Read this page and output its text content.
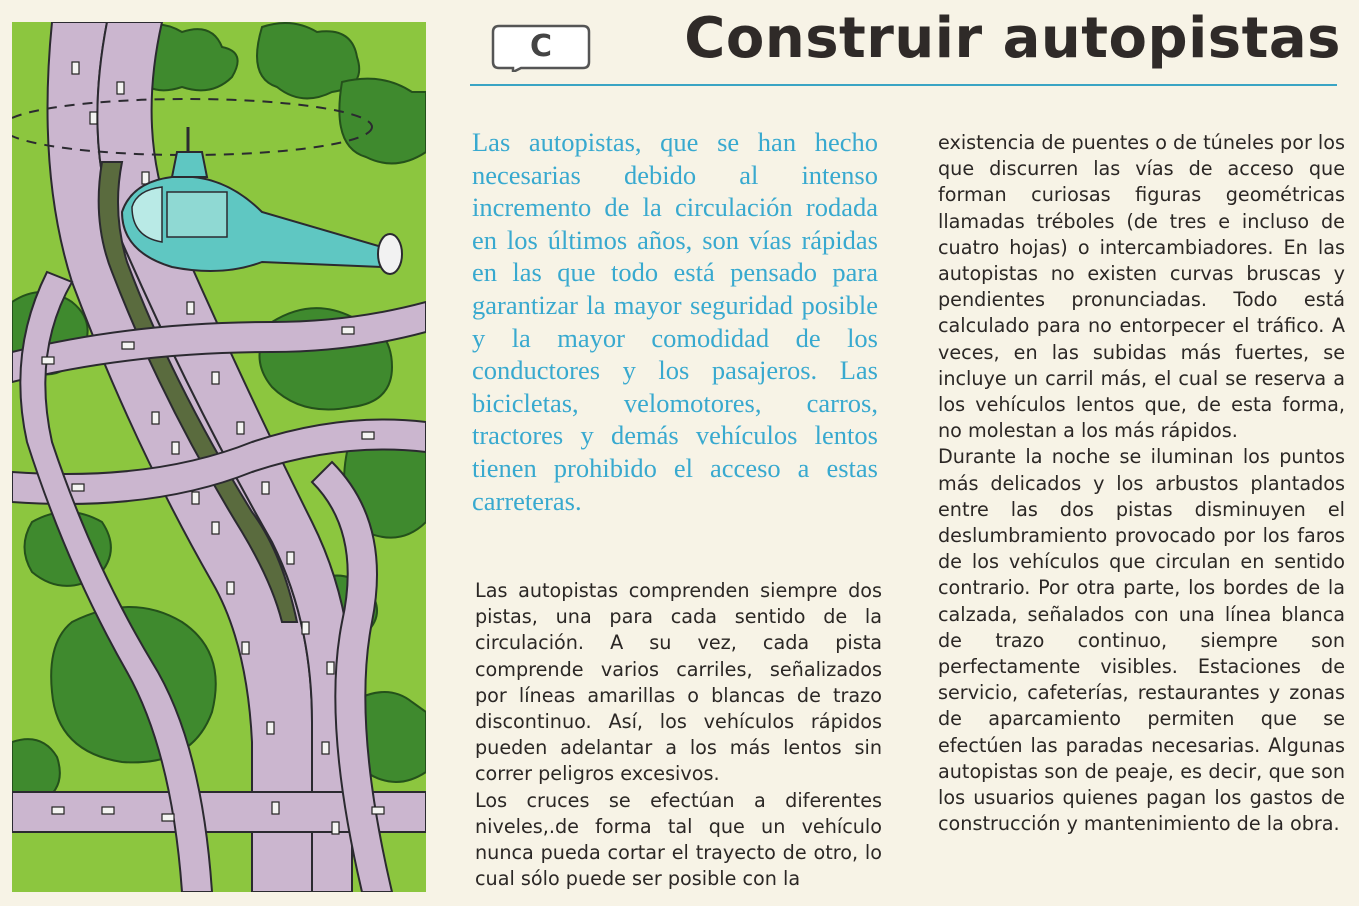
C	Construir autopistas

Las autopistas, que se han hecho necesarias debido al intenso incremento de la circulación rodada en los últimos años, son vías rápidas en las que todo está pensado para garantizar la mayor seguridad posible y la mayor comodidad de los conductores y los pasajeros. Las bicicletas, velomotores, carros, tractores y demás vehículos lentos tienen prohibido el acceso a estas carreteras.

Las autopistas comprenden siempre dos pistas, una para cada sentido de la circulación. A su vez, cada pista comprende varios carriles, señalizados por líneas amarillas o blancas de trazo discontinuo. Así, los vehículos rápidos pueden adelantar a los más lentos sin correr peligros excesivos.

Los cruces se efectúan a diferentes niveles,.de forma tal que un vehículo nunca pueda cortar el trayecto de otro, lo cual sólo puede ser posible con la

existencia de puentes o de túneles por los que discurren las vías de acceso que forman curiosas figuras geométricas llamadas tréboles (de tres e incluso de cuatro hojas) o intercambiadores. En las autopistas no existen curvas bruscas y pendientes pronunciadas. Todo está calculado para no entorpecer el tráfico. A veces, en las subidas más fuertes, se incluye un carril más, el cual se reserva a los vehículos lentos que, de esta forma, no molestan a los más rápidos.

Durante la noche se iluminan los puntos más delicados y los arbustos plantados entre las dos pistas disminuyen el deslumbramiento provocado por los faros de los vehículos que circulan en sentido contrario. Por otra parte, los bordes de la calzada, señalados con una línea blanca de trazo continuo, siempre son perfectamente visibles. Estaciones de servicio, cafeterías, restaurantes y zonas de aparcamiento permiten que se efectúen las paradas necesarias. Algunas autopistas son de peaje, es decir, que son los usuarios quienes pagan los gastos de construcción y mantenimiento de la obra.
